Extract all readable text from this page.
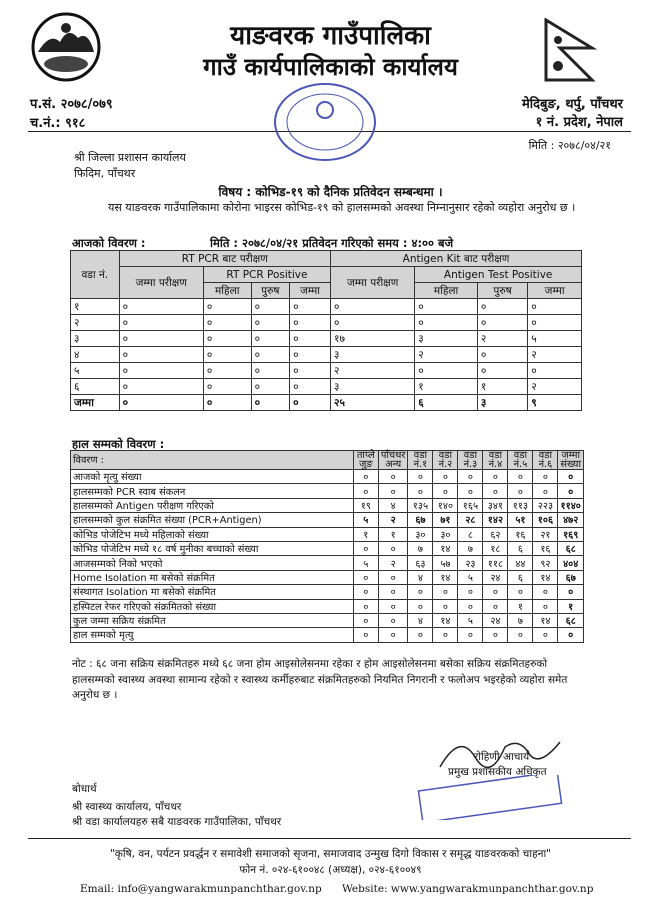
याङवरक गाउँपालिका
गाउँ कार्यपालिकाको कार्यालय
प.सं. २०७८/०७९
च.नं.: ९१८
मेदिबुङ, थर्पु, पाँचथर
१ नं. प्रदेश, नेपाल
मिति : २०७८/०४/२१
श्री जिल्ला प्रशासन कार्यालय
फिदिम, पाँचथर
विषय : कोभिड-१९ को दैनिक प्रतिवेदन सम्बन्धमा ।
यस याङवरक गाउँपालिकामा कोरोना भाइरस कोभिड-१९ को हालसम्मको अवस्था निम्नानुसार रहेको व्यहोरा अनुरोध छ ।
आजको विवरण :	मिति : २०७८/०४/२१ प्रतिवेदन गरिएको समय : ४:०० बजे
वडा नं.	RT PCR बाट परीक्षण				Antigen Kit बाट परीक्षण			
	जम्मा परीक्षण	RT PCR Positive			जम्मा परीक्षण	Antigen Test Positive		
		महिला	पुरुष	जम्मा		महिला	पुरुष	जम्मा
१	०	०	०	०	०	०	०	०
२	०	०	०	०	०	०	०	०
३	०	०	०	०	१७	३	२	५
४	०	०	०	०	३	२	०	२
५	०	०	०	०	२	०	०	०
६	०	०	०	०	३	१	१	२
जम्मा	०	०	०	०	२५	६	३	९
हाल सम्मको विवरण :
विवरण :	ताप्ले जुङ	पाँचथर अन्य	वडा नं.१	वडा नं.२	वडा नं.३	वडा नं.४	वडा नं.५	वडा नं.६	जम्मा संख्या
आजको मृत्यु संख्या	०	०	०	०	०	०	०	०	०
हालसम्मको PCR स्वाब संकलन	०	०	०	०	०	०	०	०	०
हालसम्मको Antigen परीक्षण गरिएको	१९	४	१३५	१४०	१६५	३४१	११३	२२३	११४०
हालसम्मको कुल संक्रमित संख्या (PCR+Antigen)	५	२	६७	७१	२८	१४२	५१	१०६	४७२
कोभिड पोजेटिभ मध्ये महिलाको संख्या	१	१	३०	३०	८	६२	१६	२१	१६९
कोभिड पोजेटिभ मध्ये १८ वर्ष मुनीका बच्चाको संख्या	०	०	७	१४	७	१८	६	१६	६८
आजसम्मको निको भएको	५	२	६३	५७	२३	११८	४४	९२	४०४
Home Isolation मा बसेको संक्रमित	०	०	४	१४	५	२४	६	१४	६७
संस्थागत Isolation मा बसेको संक्रमित	०	०	०	०	०	०	०	०	०
हस्पिटल रेफर गरिएको संक्रमितको संख्या	०	०	०	०	०	०	१	०	१
कुल जम्मा सक्रिय संक्रमित	०	०	४	१४	५	२४	७	१४	६८
हाल सम्मको मृत्यु	०	०	०	०	०	०	०	०	०
नोट : ६८ जना सक्रिय संक्रमितहरु मध्ये ६८ जना होम आइसोलेसनमा रहेका र होम आइसोलेसनमा बसेका सक्रिय संक्रमितहरुको हालसम्मको स्वास्थ्य अवस्था सामान्य रहेको र स्वास्थ्य कर्मीहरुबाट संक्रमितहरुको नियमित निगरानी र फलोअप भइरहेको व्यहोरा समेत अनुरोध छ ।
रोहिणी आचार्य
प्रमुख प्रशासकीय अधिकृत
बोधार्थ
श्री स्वास्थ्य कार्यालय, पाँचथर
श्री वडा कार्यालयहरु सबै याङवरक गाउँपालिका, पाँचथर
"कृषि, वन, पर्यटन प्रवर्द्धन र समावेशी समाजको सृजना, समाजवाद उन्मुख दिगो विकास र समृद्ध याङवरकको चाहना"
फोन नं. ०२४-६१००४८ (अध्यक्ष), ०२४-६१००४९
Email: info@yangwarakmunpanchthar.gov.np Website: www.yangwarakmunpanchthar.gov.np
